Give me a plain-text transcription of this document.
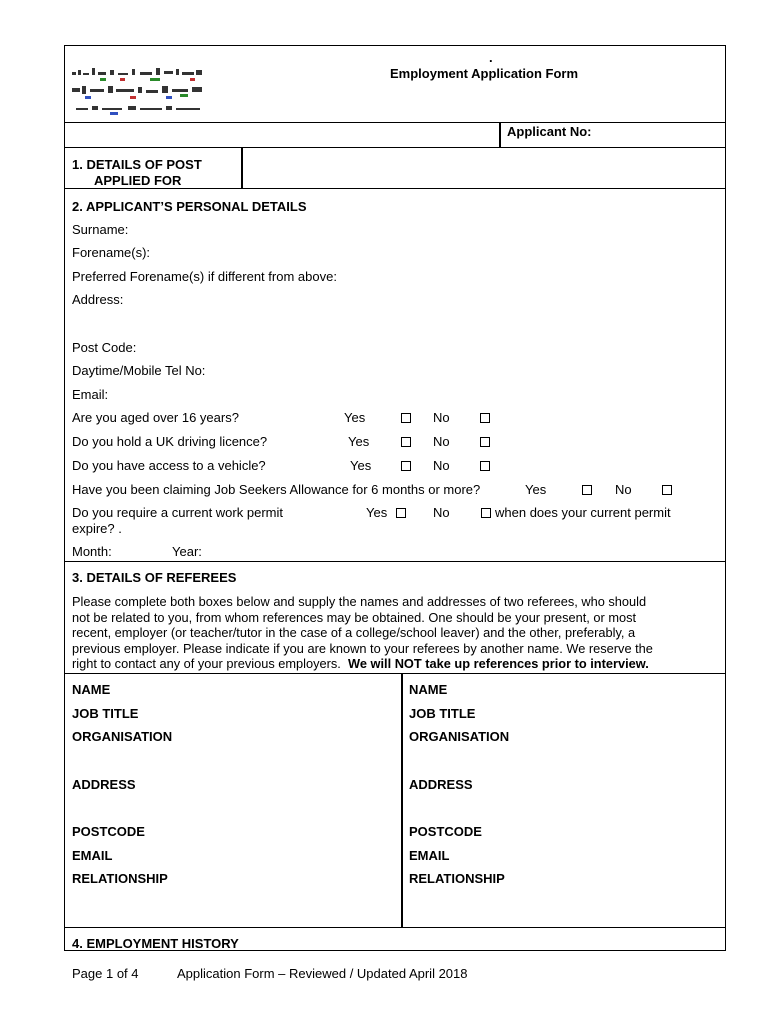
.
Employment Application Form
Applicant No:
1. DETAILS OF POST
APPLIED FOR
2. APPLICANT’S PERSONAL DETAILS
Surname:
Forename(s):
Preferred Forename(s) if different from above:
Address:
Post Code:
Daytime/Mobile Tel No:
Email:
Are you aged over 16 years?	Yes	No
Do you hold a UK driving licence?	Yes	No
Do you have access to a vehicle?	Yes	No
Have you been claiming Job Seekers Allowance for 6 months or more?	Yes	No
Do you require a current work permit	Yes	No	when does your current permit
expire? .
Month:	Year:
3. DETAILS OF REFEREES
Please complete both boxes below and supply the names and addresses of two referees, who should
not be related to you, from whom references may be obtained. One should be your present, or most
recent, employer (or teacher/tutor in the case of a college/school leaver) and the other, preferably, a
previous employer. Please indicate if you are known to your referees by another name. We reserve the
right to contact any of your previous employers. We will NOT take up references prior to interview.
NAME
JOB TITLE
ORGANISATION
ADDRESS
POSTCODE
EMAIL
RELATIONSHIP
NAME
JOB TITLE
ORGANISATION
ADDRESS
POSTCODE
EMAIL
RELATIONSHIP
4. EMPLOYMENT HISTORY
Page 1 of 4	Application Form – Reviewed / Updated April 2018
